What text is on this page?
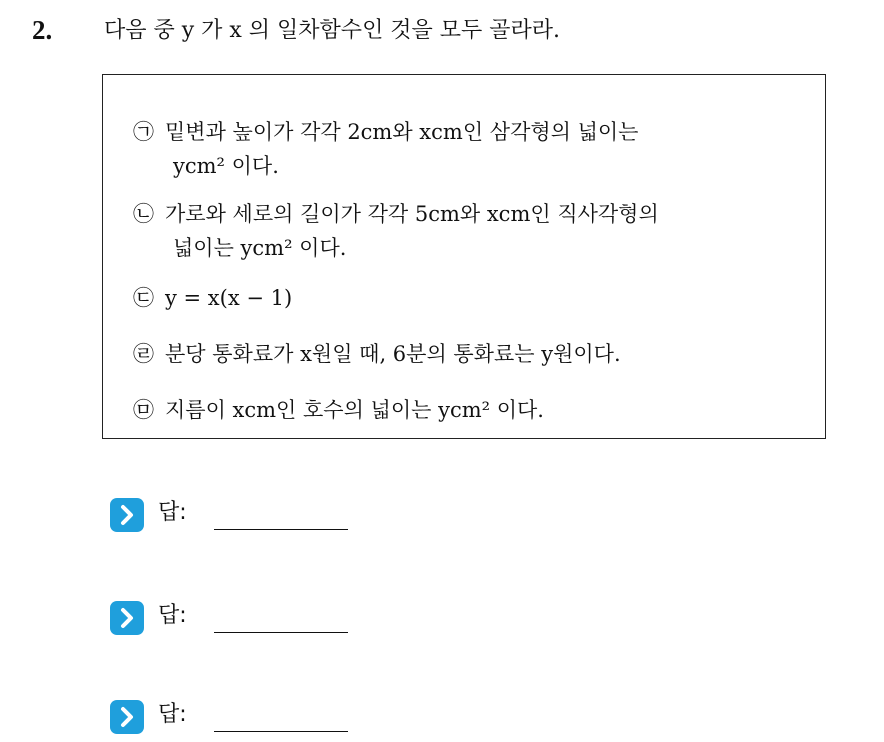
2. 다음 중 y 가 x 의 일차함수인 것을 모두 골라라.
㉠ 밑변과 높이가 각각 2cm와 xcm인 삼각형의 넓이는
ycm² 이다.
㉡ 가로와 세로의 길이가 각각 5cm와 xcm인 직사각형의
넓이는 ycm² 이다.
㉢ y = x(x − 1)
㉣ 분당 통화료가 x원일 때, 6분의 통화료는 y원이다.
㉤ 지름이 xcm인 호수의 넓이는 ycm² 이다.
답:
답:
답:
